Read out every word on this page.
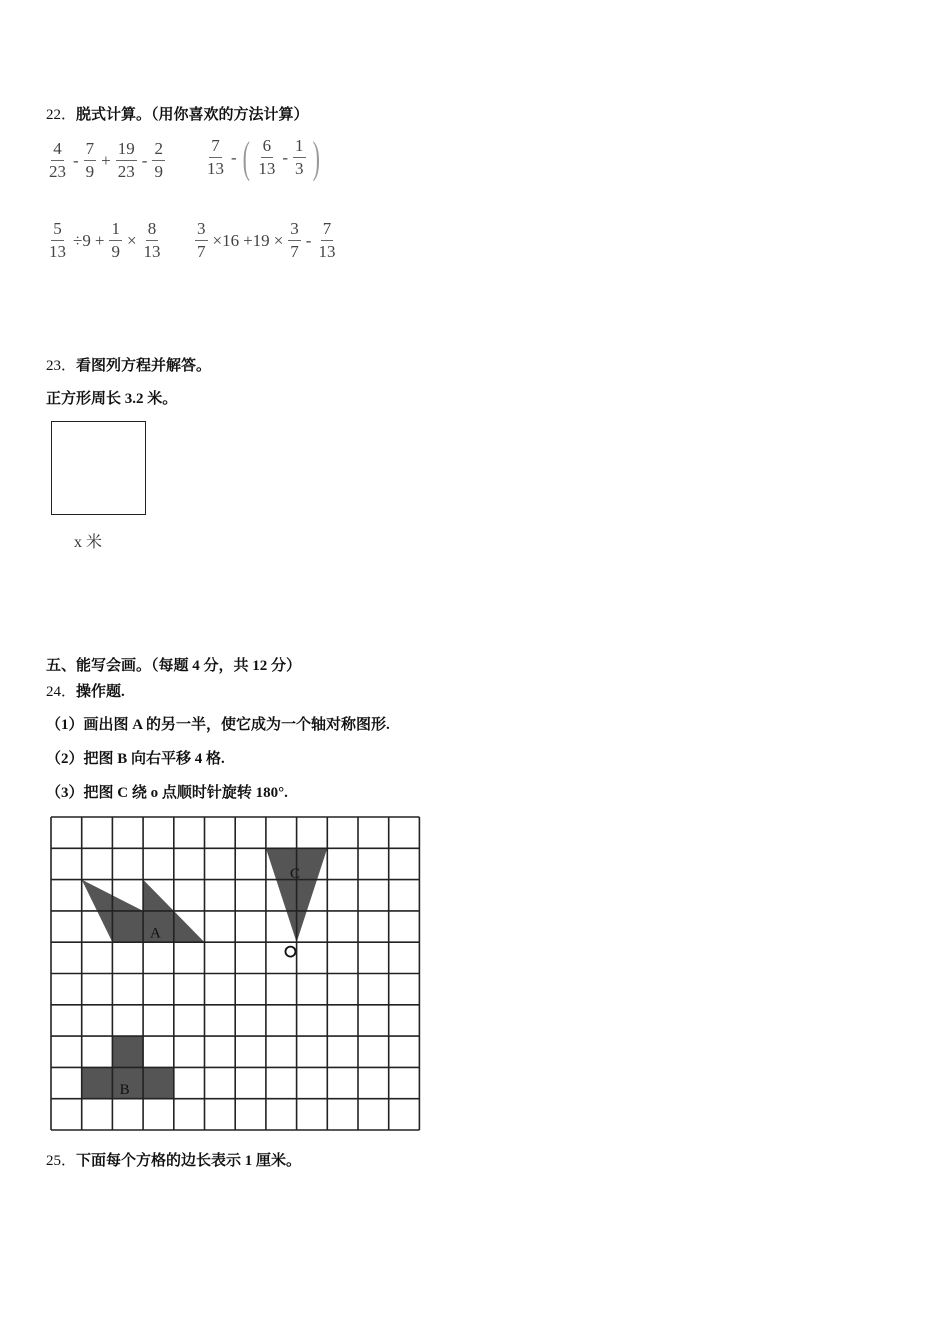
22．脱式计算。（用你喜欢的方法计算）
$\frac{4}{23} - \frac{7}{9} + \frac{19}{23} - \frac{2}{9} \frac{7}{13}$ - ( $\frac{6}{13} - \frac{1}{3}$ )
$\frac{5}{13} \div 9 + \frac{1}{9} \times \frac{8}{13} \frac{3}{7} \times 16 +19 \times \frac{3}{7} - \frac{7}{13}$
23．看图列方程并解答。
正方形周长 3.2 米。
x 米
五、能写会画。（每题 4 分，共 12 分）
24．操作题.
（1）画出图 A 的另一半，使它成为一个轴对称图形.
（2）把图 B 向右平移 4 格.
（3）把图 C 绕 o 点顺时针旋转 180°.
A
B
C
25．下面每个方格的边长表示 1 厘米。
